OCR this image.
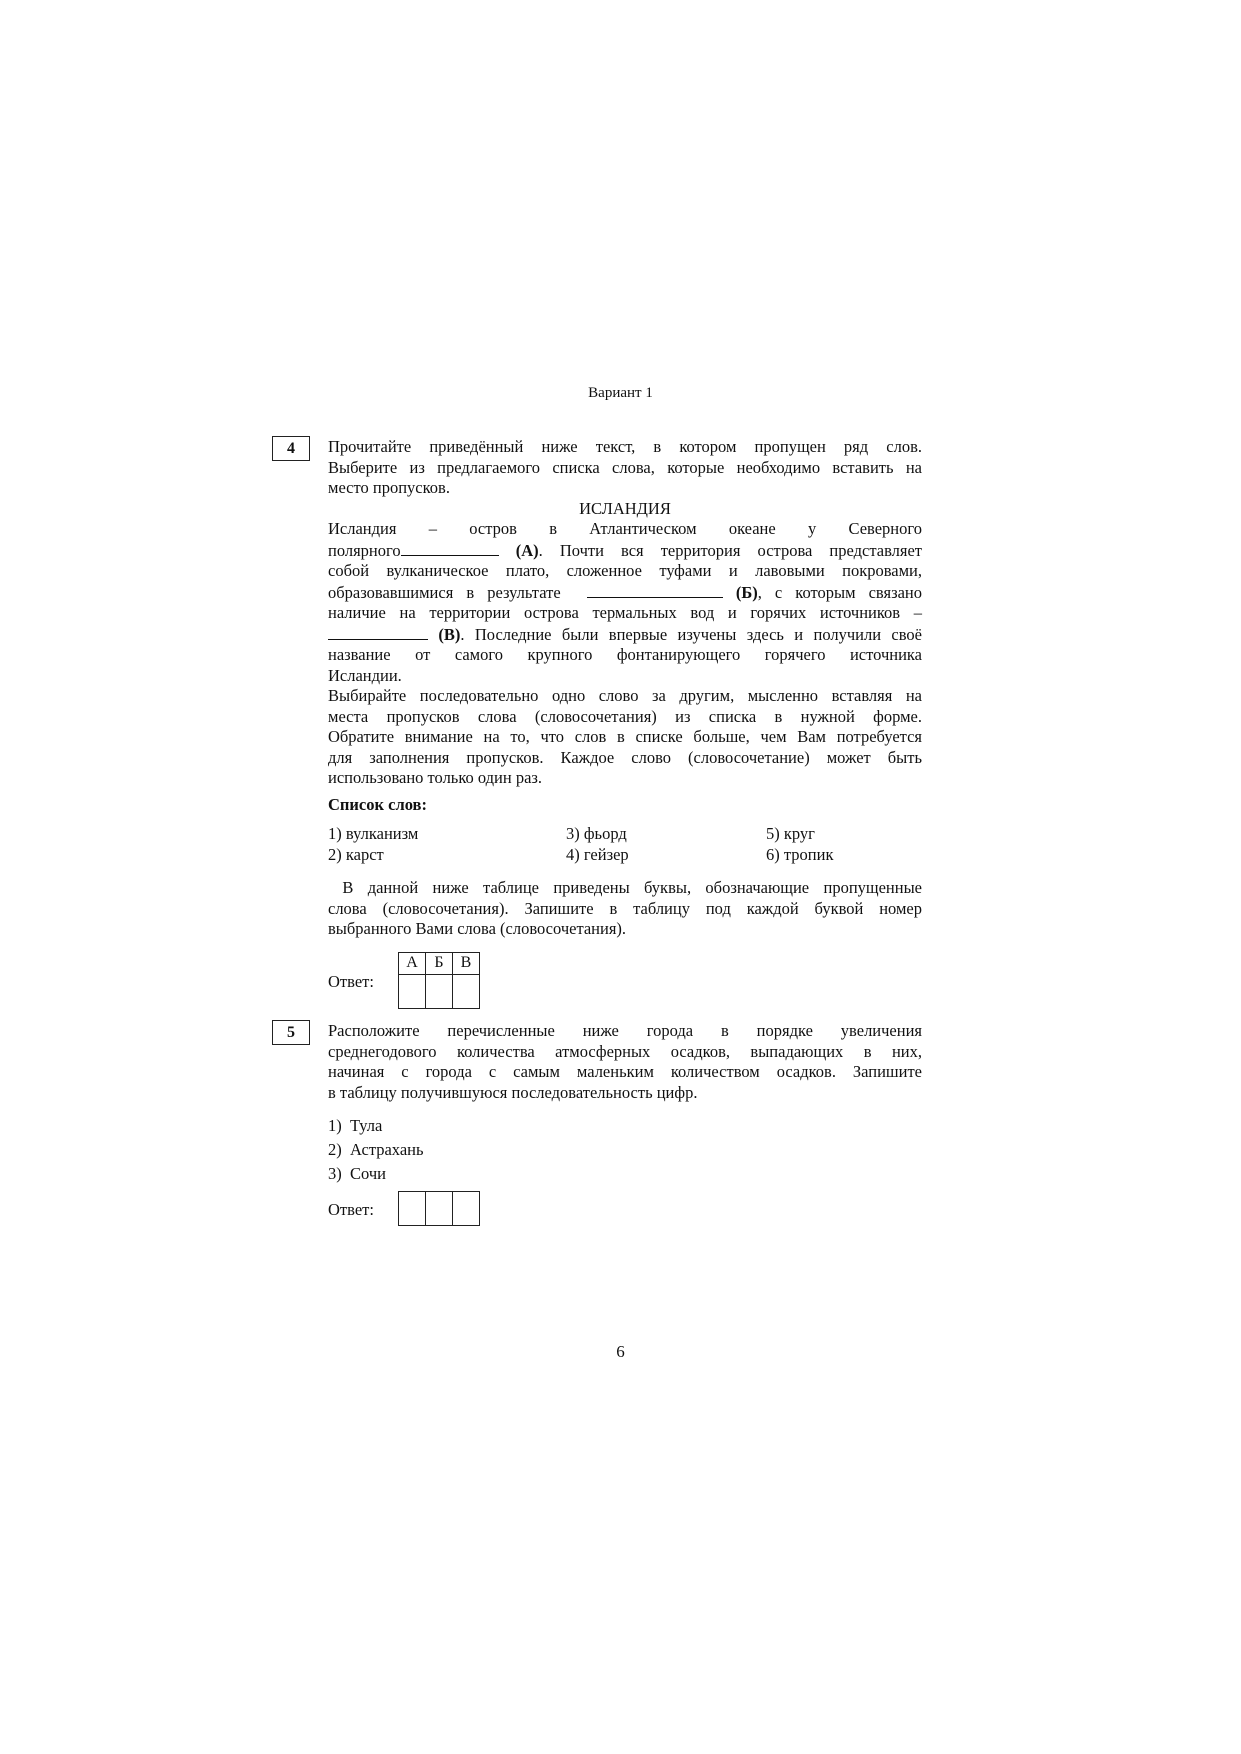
Вариант 1
4	Прочитайте приведённый ниже текст, в котором пропущен ряд слов.

Выберите из предлагаемого списка слова, которые необходимо вставить на

место пропусков.

ИСЛАНДИЯ

Исландия – остров в Атлантическом океане у Северного

полярного	(А). Почти вся территория острова представляет

собой вулканическое плато, сложенное туфами и лавовыми покровами,

образовавшимися в результате	(Б), с которым связано

наличие на территории острова термальных вод и горячих источников –

(В). Последние были впервые изучены здесь и получили своё

название от самого крупного фонтанирующего горячего источника

Исландии.

Выбирайте последовательно одно слово за другим, мысленно вставляя на

места пропусков слова (словосочетания) из списка в нужной форме.

Обратите внимание на то, что слов в списке больше, чем Вам потребуется

для заполнения пропусков. Каждое слово (словосочетание) может быть

использовано только один раз.

Список слов:
1) вулканизм
2) карст
3) фьорд
4) гейзер
5) круг
6) тропик

В данной ниже таблице приведены буквы, обозначающие пропущенные

слова (словосочетания). Запишите в таблицу под каждой буквой номер

выбранного Вами слова (словосочетания).

Ответ:
А	Б	В

5	Расположите перечисленные ниже города в порядке увеличения

среднегодового количества атмосферных осадков, выпадающих в них,

начиная с города с самым маленьким количеством осадков. Запишите

в таблицу получившуюся последовательность цифр.

1)  Тула
2)  Астрахань
3)  Сочи
Ответ:

6
